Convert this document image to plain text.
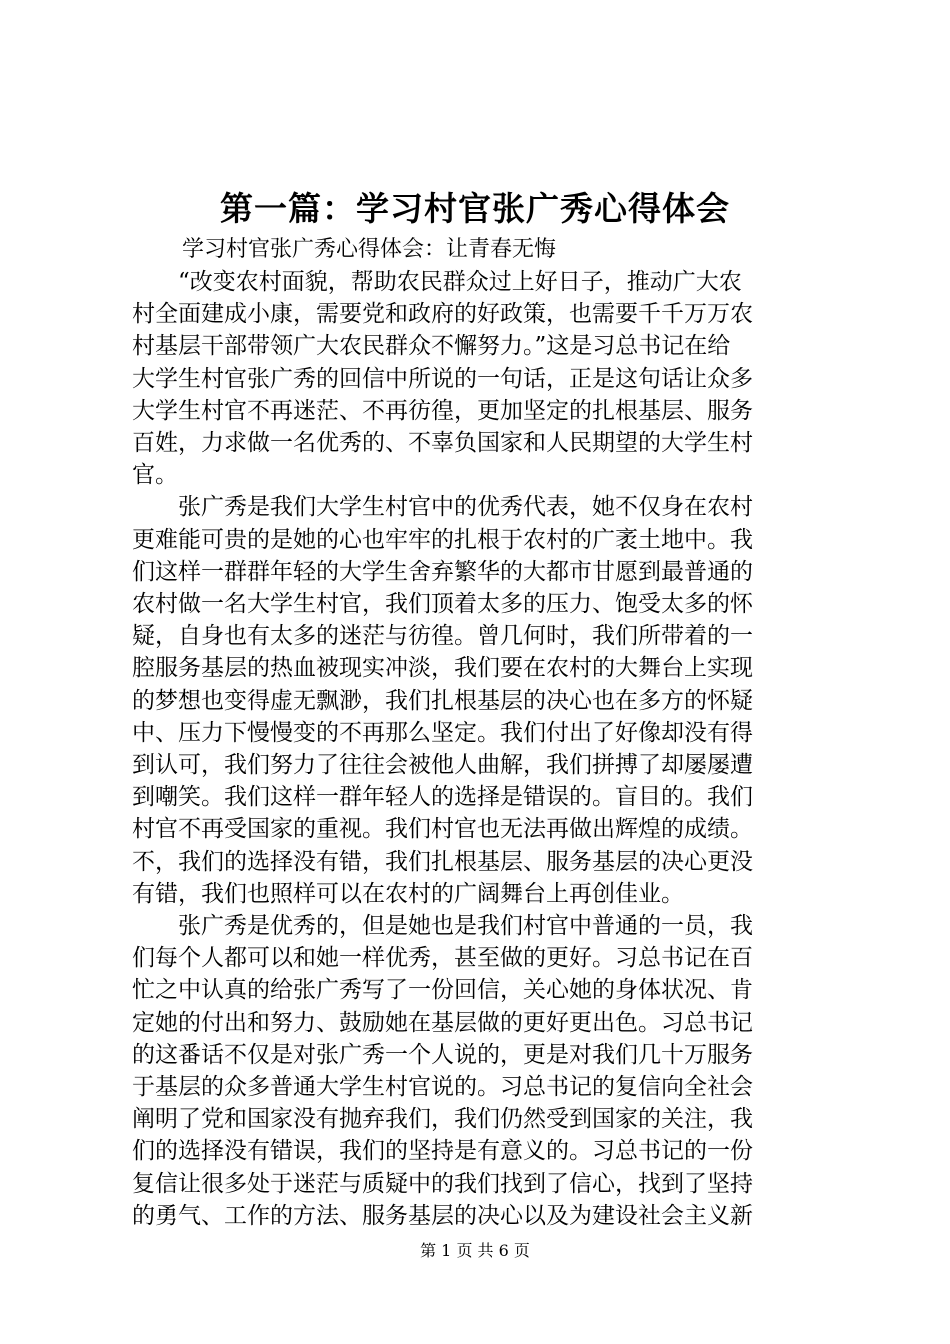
第一篇：学习村官张广秀心得体会
学习村官张广秀心得体会：让青春无悔
“改变农村面貌，帮助农民群众过上好日子，推动广大农
村全面建成小康，需要党和政府的好政策，也需要千千万万农
村基层干部带领广大农民群众不懈努力。”这是习总书记在给
大学生村官张广秀的回信中所说的一句话，正是这句话让众多
大学生村官不再迷茫、不再彷徨，更加坚定的扎根基层、服务
百姓，力求做一名优秀的、不辜负国家和人民期望的大学生村
官。
张广秀是我们大学生村官中的优秀代表，她不仅身在农村
更难能可贵的是她的心也牢牢的扎根于农村的广袤土地中。我
们这样一群群年轻的大学生舍弃繁华的大都市甘愿到最普通的
农村做一名大学生村官，我们顶着太多的压力、饱受太多的怀
疑，自身也有太多的迷茫与彷徨。曾几何时，我们所带着的一
腔服务基层的热血被现实冲淡，我们要在农村的大舞台上实现
的梦想也变得虚无飘渺，我们扎根基层的决心也在多方的怀疑
中、压力下慢慢变的不再那么坚定。我们付出了好像却没有得
到认可，我们努力了往往会被他人曲解，我们拼搏了却屡屡遭
到嘲笑。我们这样一群年轻人的选择是错误的。盲目的。我们
村官不再受国家的重视。我们村官也无法再做出辉煌的成绩。
不，我们的选择没有错，我们扎根基层、服务基层的决心更没
有错，我们也照样可以在农村的广阔舞台上再创佳业。
张广秀是优秀的，但是她也是我们村官中普通的一员，我
们每个人都可以和她一样优秀，甚至做的更好。习总书记在百
忙之中认真的给张广秀写了一份回信，关心她的身体状况、肯
定她的付出和努力、鼓励她在基层做的更好更出色。习总书记
的这番话不仅是对张广秀一个人说的，更是对我们几十万服务
于基层的众多普通大学生村官说的。习总书记的复信向全社会
阐明了党和国家没有抛弃我们，我们仍然受到国家的关注，我
们的选择没有错误，我们的坚持是有意义的。习总书记的一份
复信让很多处于迷茫与质疑中的我们找到了信心，找到了坚持
的勇气、工作的方法、服务基层的决心以及为建设社会主义新
第 1 页 共 6 页
